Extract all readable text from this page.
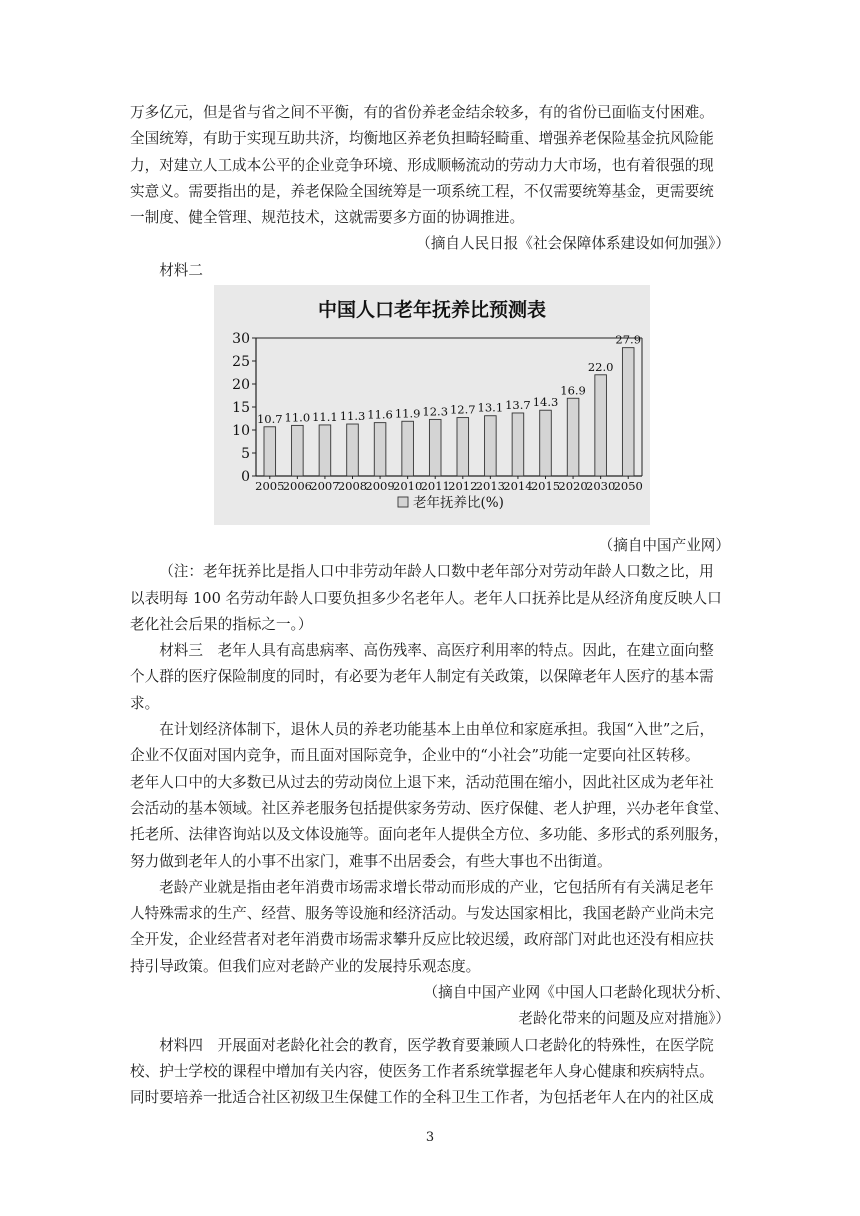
万多亿元，但是省与省之间不平衡，有的省份养老金结余较多，有的省份已面临支付困难。
全国统筹，有助于实现互助共济，均衡地区养老负担畸轻畸重、增强养老保险基金抗风险能
力，对建立人工成本公平的企业竞争环境、形成顺畅流动的劳动力大市场，也有着很强的现
实意义。需要指出的是，养老保险全国统筹是一项系统工程，不仅需要统筹基金，更需要统
一制度、健全管理、规范技术，这就需要多方面的协调推进。
（摘自人民日报《社会保障体系建设如何加强》）
材料二
中国人口老年抚养比预测表
0
5
10
15
20
25
30
10.7
2005
11.0
2006
11.1
2007
11.3
2008
11.6
2009
11.9
2010
12.3
2011
12.7
2012
13.1
2013
13.7
2014
14.3
2015
16.9
2020
22.0
2030
27.9
2050
老年抚养比(%)
（摘自中国产业网）
（注：老年抚养比是指人口中非劳动年龄人口数中老年部分对劳动年龄人口数之比，用
以表明每 100 名劳动年龄人口要负担多少名老年人。老年人口抚养比是从经济角度反映人口
老化社会后果的指标之一。）
材料三　老年人具有高患病率、高伤残率、高医疗利用率的特点。因此，在建立面向整
个人群的医疗保险制度的同时，有必要为老年人制定有关政策，以保障老年人医疗的基本需
求。
在计划经济体制下，退休人员的养老功能基本上由单位和家庭承担。我国“入世”之后，
企业不仅面对国内竞争，而且面对国际竞争，企业中的“小社会”功能一定要向社区转移。
老年人口中的大多数已从过去的劳动岗位上退下来，活动范围在缩小，因此社区成为老年社
会活动的基本领域。社区养老服务包括提供家务劳动、医疗保健、老人护理，兴办老年食堂、
托老所、法律咨询站以及文体设施等。面向老年人提供全方位、多功能、多形式的系列服务，
努力做到老年人的小事不出家门，难事不出居委会，有些大事也不出街道。
老龄产业就是指由老年消费市场需求增长带动而形成的产业，它包括所有有关满足老年
人特殊需求的生产、经营、服务等设施和经济活动。与发达国家相比，我国老龄产业尚未完
全开发，企业经营者对老年消费市场需求攀升反应比较迟缓，政府部门对此也还没有相应扶
持引导政策。但我们应对老龄产业的发展持乐观态度。
（摘自中国产业网《中国人口老龄化现状分析、
老龄化带来的问题及应对措施》）
材料四　开展面对老龄化社会的教育，医学教育要兼顾人口老龄化的特殊性，在医学院
校、护士学校的课程中增加有关内容，使医务工作者系统掌握老年人身心健康和疾病特点。
同时要培养一批适合社区初级卫生保健工作的全科卫生工作者，为包括老年人在内的社区成
3
